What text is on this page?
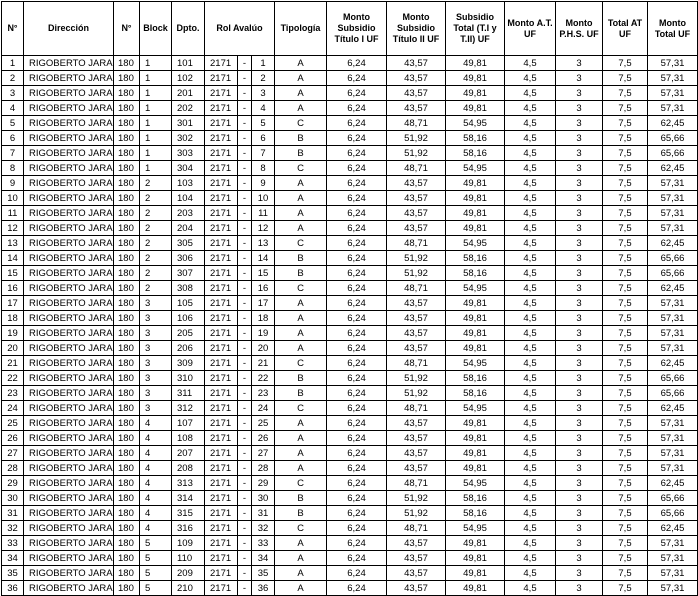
N°	Dirección	N°	Block	Dpto.	Rol Avalúo			Tipología	Monto Subsidio Título I UF	Monto Subsidio Título II UF	Subsidio Total (T.I y T.II) UF	Monto A.T. UF	Monto P.H.S. UF	Total AT UF	Monto Total UF
1	RIGOBERTO JARA	180	1	101	2171	-	1	A	6,24	43,57	49,81	4,5	3	7,5	57,31
2	RIGOBERTO JARA	180	1	102	2171	-	2	A	6,24	43,57	49,81	4,5	3	7,5	57,31
3	RIGOBERTO JARA	180	1	201	2171	-	3	A	6,24	43,57	49,81	4,5	3	7,5	57,31
4	RIGOBERTO JARA	180	1	202	2171	-	4	A	6,24	43,57	49,81	4,5	3	7,5	57,31
5	RIGOBERTO JARA	180	1	301	2171	-	5	C	6,24	48,71	54,95	4,5	3	7,5	62,45
6	RIGOBERTO JARA	180	1	302	2171	-	6	B	6,24	51,92	58,16	4,5	3	7,5	65,66
7	RIGOBERTO JARA	180	1	303	2171	-	7	B	6,24	51,92	58,16	4,5	3	7,5	65,66
8	RIGOBERTO JARA	180	1	304	2171	-	8	C	6,24	48,71	54,95	4,5	3	7,5	62,45
9	RIGOBERTO JARA	180	2	103	2171	-	9	A	6,24	43,57	49,81	4,5	3	7,5	57,31
10	RIGOBERTO JARA	180	2	104	2171	-	10	A	6,24	43,57	49,81	4,5	3	7,5	57,31
11	RIGOBERTO JARA	180	2	203	2171	-	11	A	6,24	43,57	49,81	4,5	3	7,5	57,31
12	RIGOBERTO JARA	180	2	204	2171	-	12	A	6,24	43,57	49,81	4,5	3	7,5	57,31
13	RIGOBERTO JARA	180	2	305	2171	-	13	C	6,24	48,71	54,95	4,5	3	7,5	62,45
14	RIGOBERTO JARA	180	2	306	2171	-	14	B	6,24	51,92	58,16	4,5	3	7,5	65,66
15	RIGOBERTO JARA	180	2	307	2171	-	15	B	6,24	51,92	58,16	4,5	3	7,5	65,66
16	RIGOBERTO JARA	180	2	308	2171	-	16	C	6,24	48,71	54,95	4,5	3	7,5	62,45
17	RIGOBERTO JARA	180	3	105	2171	-	17	A	6,24	43,57	49,81	4,5	3	7,5	57,31
18	RIGOBERTO JARA	180	3	106	2171	-	18	A	6,24	43,57	49,81	4,5	3	7,5	57,31
19	RIGOBERTO JARA	180	3	205	2171	-	19	A	6,24	43,57	49,81	4,5	3	7,5	57,31
20	RIGOBERTO JARA	180	3	206	2171	-	20	A	6,24	43,57	49,81	4,5	3	7,5	57,31
21	RIGOBERTO JARA	180	3	309	2171	-	21	C	6,24	48,71	54,95	4,5	3	7,5	62,45
22	RIGOBERTO JARA	180	3	310	2171	-	22	B	6,24	51,92	58,16	4,5	3	7,5	65,66
23	RIGOBERTO JARA	180	3	311	2171	-	23	B	6,24	51,92	58,16	4,5	3	7,5	65,66
24	RIGOBERTO JARA	180	3	312	2171	-	24	C	6,24	48,71	54,95	4,5	3	7,5	62,45
25	RIGOBERTO JARA	180	4	107	2171	-	25	A	6,24	43,57	49,81	4,5	3	7,5	57,31
26	RIGOBERTO JARA	180	4	108	2171	-	26	A	6,24	43,57	49,81	4,5	3	7,5	57,31
27	RIGOBERTO JARA	180	4	207	2171	-	27	A	6,24	43,57	49,81	4,5	3	7,5	57,31
28	RIGOBERTO JARA	180	4	208	2171	-	28	A	6,24	43,57	49,81	4,5	3	7,5	57,31
29	RIGOBERTO JARA	180	4	313	2171	-	29	C	6,24	48,71	54,95	4,5	3	7,5	62,45
30	RIGOBERTO JARA	180	4	314	2171	-	30	B	6,24	51,92	58,16	4,5	3	7,5	65,66
31	RIGOBERTO JARA	180	4	315	2171	-	31	B	6,24	51,92	58,16	4,5	3	7,5	65,66
32	RIGOBERTO JARA	180	4	316	2171	-	32	C	6,24	48,71	54,95	4,5	3	7,5	62,45
33	RIGOBERTO JARA	180	5	109	2171	-	33	A	6,24	43,57	49,81	4,5	3	7,5	57,31
34	RIGOBERTO JARA	180	5	110	2171	-	34	A	6,24	43,57	49,81	4,5	3	7,5	57,31
35	RIGOBERTO JARA	180	5	209	2171	-	35	A	6,24	43,57	49,81	4,5	3	7,5	57,31
36	RIGOBERTO JARA	180	5	210	2171	-	36	A	6,24	43,57	49,81	4,5	3	7,5	57,31
